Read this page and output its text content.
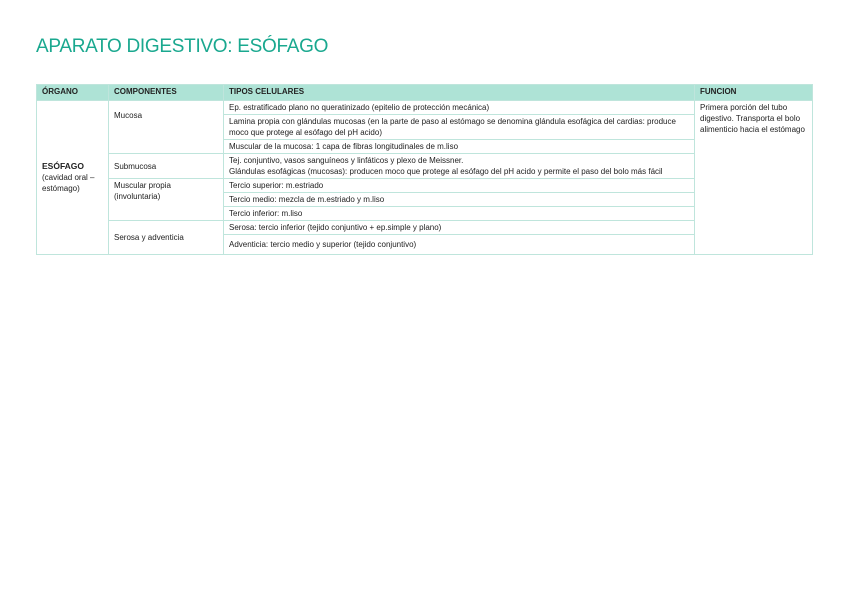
APARATO DIGESTIVO: ESÓFAGO
ÓRGANO	COMPONENTES	TIPOS CELULARES	FUNCION

ESÓFAGO
(cavidad oral – estómago)	Mucosa	Ep. estratificado plano no queratinizado (epitelio de protección mecánica)	Primera porción del tubo digestivo. Transporta el bolo alimenticio hacia el estómago
		Lamina propia con glándulas mucosas (en la parte de paso al estómago se denomina glándula esofágica del cardias: produce moco que protege al esófago del pH acido)	
		Muscular de la mucosa: 1 capa de fibras longitudinales de m.liso	
	Submucosa	Tej. conjuntivo, vasos sanguíneos y linfáticos y plexo de Meissner.
Glándulas esofágicas (mucosas): producen moco que protege al esófago del pH acido y permite el paso del bolo más fácil	

	Muscular propia (involuntaria)	Tercio superior: m.estriado	
		Tercio medio: mezcla de m.estriado y m.liso	
		Tercio inferior: m.liso	
	Serosa y adventicia	Serosa: tercio inferior (tejido conjuntivo + ep.simple y plano)	
		Adventicia: tercio medio y superior (tejido conjuntivo)	
